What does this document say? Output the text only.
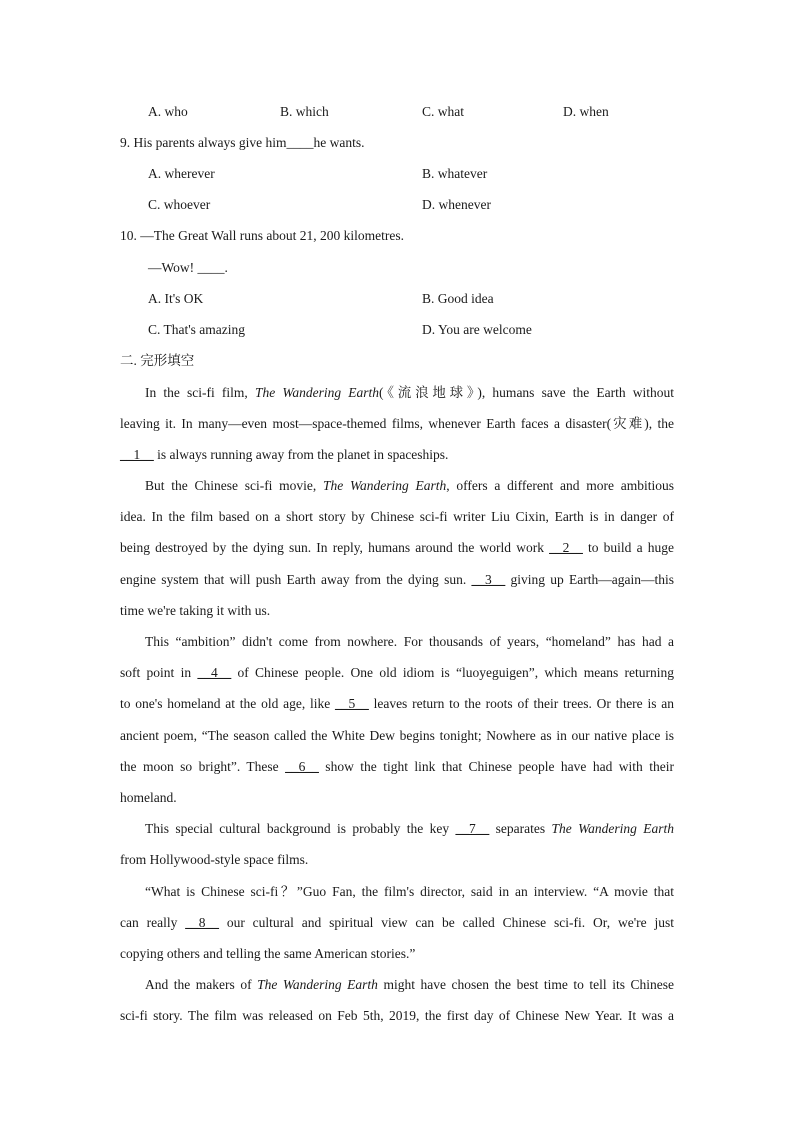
A. who	B. which	C. what	D. when
9. His parents always give him____he wants.
A. wherever	B. whatever
C. whoever	D. whenever
10. —The Great Wall runs about 21, 200 kilometres.
—Wow! ____.
A. It's OK	B. Good idea
C. That's amazing	D. You are welcome
二. 完形填空
In the sci-fi film, The Wandering Earth(《流浪地球》), humans save the Earth without
leaving it. In many—even most—space-themed films, whenever Earth faces a disaster(灾难), the
__1__ is always running away from the planet in spaceships.
But the Chinese sci-fi movie, The Wandering Earth, offers a different and more ambitious
idea. In the film based on a short story by Chinese sci-fi writer Liu Cixin, Earth is in danger of
being destroyed by the dying sun. In reply, humans around the world work __2__ to build a huge
engine system that will push Earth away from the dying sun. __3__ giving up Earth—again—this
time we're taking it with us.
This “ambition” didn't come from nowhere. For thousands of years, “homeland” has had a
soft point in __4__ of Chinese people. One old idiom is “luoyeguigen”, which means returning
to one's homeland at the old age, like __5__ leaves return to the roots of their trees. Or there is an
ancient poem, “The season called the White Dew begins tonight; Nowhere as in our native place is
the moon so bright”. These __6__ show the tight link that Chinese people have had with their
homeland.
This special cultural background is probably the key __7__ separates The Wandering Earth
from Hollywood-style space films.
“What is Chinese sci-fi？”Guo Fan, the film's director, said in an interview. “A movie that
can really __8__ our cultural and spiritual view can be called Chinese sci-fi. Or, we're just
copying others and telling the same American stories.”
And the makers of The Wandering Earth might have chosen the best time to tell its Chinese
sci-fi story. The film was released on Feb 5th, 2019, the first day of Chinese New Year. It was a
